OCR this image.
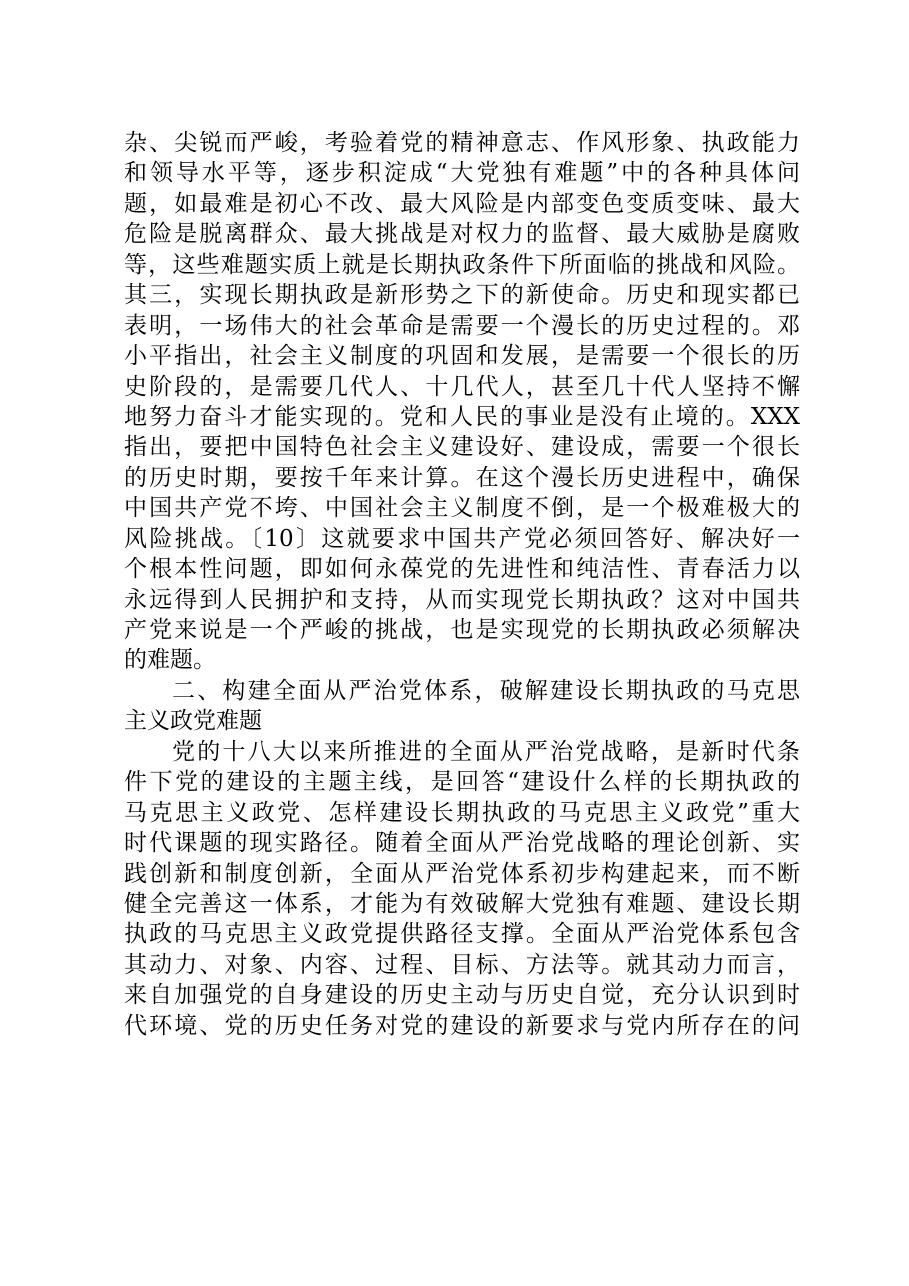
杂、尖锐而严峻，考验着党的精神意志、作风形象、执政能力
和领导水平等，逐步积淀成“大党独有难题”中的各种具体问
题，如最难是初心不改、最大风险是内部变色变质变味、最大
危险是脱离群众、最大挑战是对权力的监督、最大威胁是腐败
等，这些难题实质上就是长期执政条件下所面临的挑战和风险。
其三，实现长期执政是新形势之下的新使命。历史和现实都已
表明，一场伟大的社会革命是需要一个漫长的历史过程的。邓
小平指出，社会主义制度的巩固和发展，是需要一个很长的历
史阶段的，是需要几代人、十几代人，甚至几十代人坚持不懈
地努力奋斗才能实现的。党和人民的事业是没有止境的。XXX
指出，要把中国特色社会主义建设好、建设成，需要一个很长
的历史时期，要按千年来计算。在这个漫长历史进程中，确保
中国共产党不垮、中国社会主义制度不倒，是一个极难极大的
风险挑战。〔10〕这就要求中国共产党必须回答好、解决好一
个根本性问题，即如何永葆党的先进性和纯洁性、青春活力以
永远得到人民拥护和支持，从而实现党长期执政？这对中国共
产党来说是一个严峻的挑战，也是实现党的长期执政必须解决
的难题。
二、构建全面从严治党体系，破解建设长期执政的马克思
主义政党难题
党的十八大以来所推进的全面从严治党战略，是新时代条
件下党的建设的主题主线，是回答“建设什么样的长期执政的
马克思主义政党、怎样建设长期执政的马克思主义政党”重大
时代课题的现实路径。随着全面从严治党战略的理论创新、实
践创新和制度创新，全面从严治党体系初步构建起来，而不断
健全完善这一体系，才能为有效破解大党独有难题、建设长期
执政的马克思主义政党提供路径支撑。全面从严治党体系包含
其动力、对象、内容、过程、目标、方法等。就其动力而言，
来自加强党的自身建设的历史主动与历史自觉，充分认识到时
代环境、党的历史任务对党的建设的新要求与党内所存在的问
